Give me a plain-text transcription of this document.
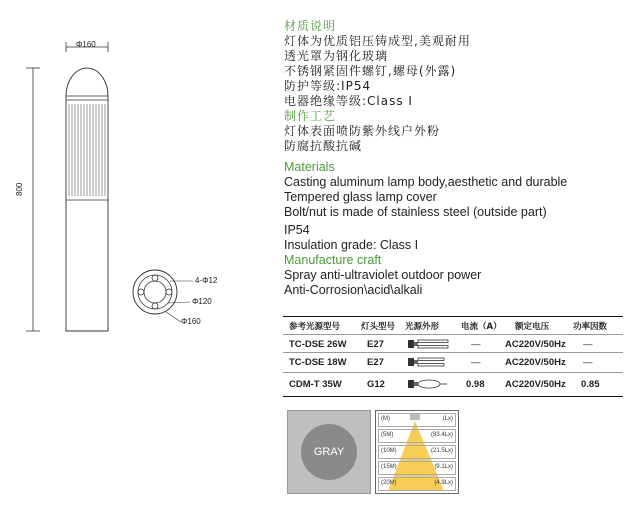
Φ160
800
4-Φ12
Φ120
Φ160
材质说明
灯体为优质铝压铸成型,美观耐用
透光罩为钢化玻璃
不锈钢紧固件螺钉,螺母(外露)
防护等级:IP54
电器绝缘等级:Class Ⅰ
制作工艺
灯体表面喷防紫外线户外粉
防腐抗酸抗碱
Materials
Casting aluminum lamp body,aesthetic and durable
Tempered glass lamp cover
Bolt/nut is made of stainless steel (outside part)
IP54
Insulation grade: Class I
Manufacture craft
Spray anti-ultraviolet outdoor power
Anti-Corrosion\acid\alkali
参考光源型号 灯头型号 光源外形	电流（A） 额定电压	功率因数
TC-DSE 26W E27	—	AC220V/50Hz —
TC-DSE 18W E27	—	AC220V/50Hz —
CDM-T 35W	G12	0.98 AC220V/50Hz 0.85
GRAY
(M)	(Lx)
(5M)	(83.4Lx)
(10M)	(21.5Lx)
(15M)	(9.1Lx)
(20M)	(4.9Lx)
